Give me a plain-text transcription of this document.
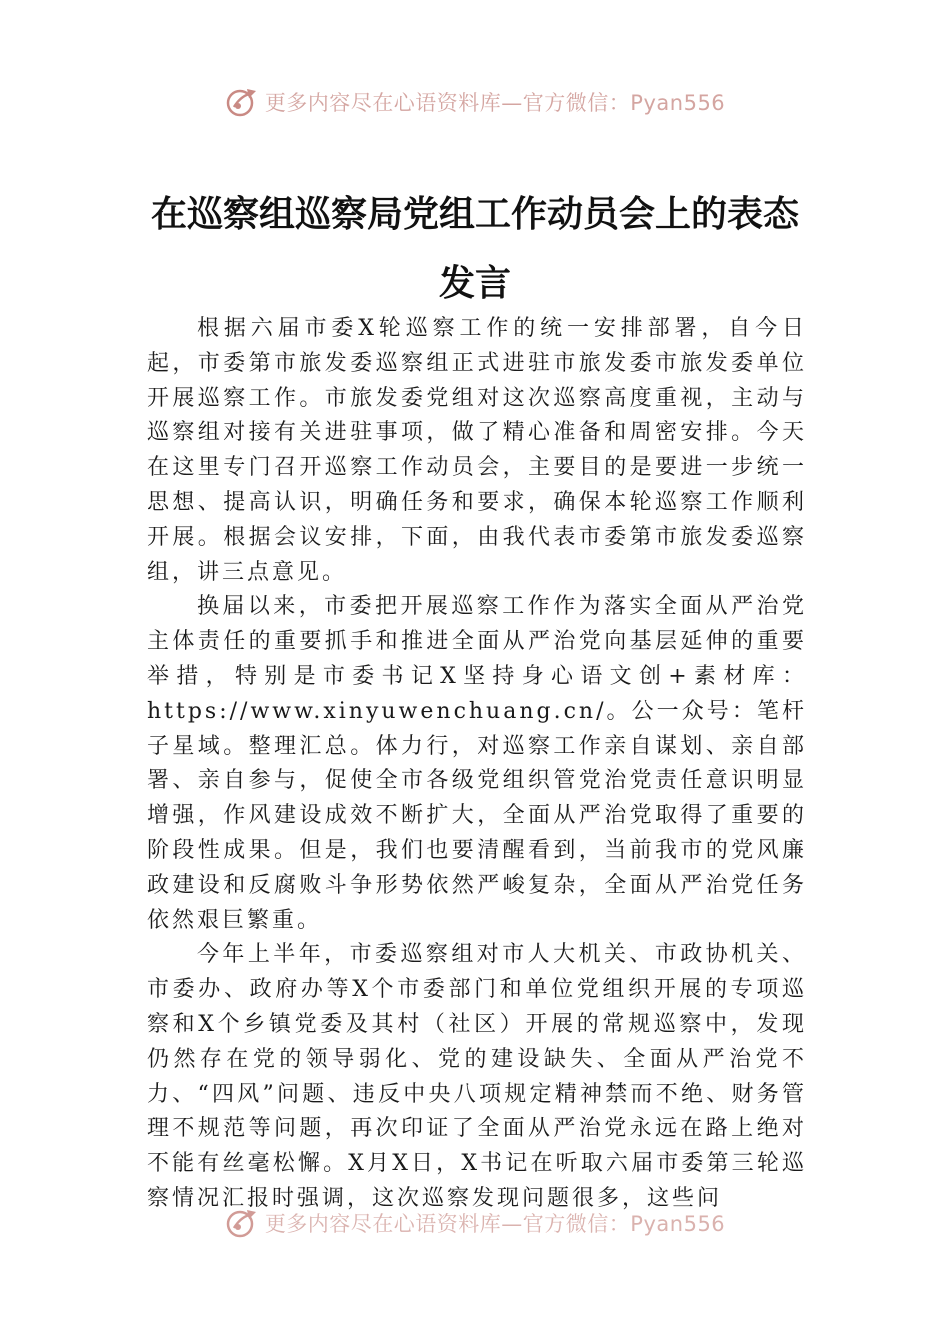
更多内容尽在心语资料库—官方微信：Pyan556
在巡察组巡察局党组工作动员会上的表态
发言

根据六届市委X轮巡察工作的统一安排部署，自今日起，市委第市旅发委巡察组正式进驻市旅发委市旅发委单位开展巡察工作。市旅发委党组对这次巡察高度重视，主动与巡察组对接有关进驻事项，做了精心准备和周密安排。今天在这里专门召开巡察工作动员会，主要目的是要进一步统一思想、提高认识，明确任务和要求，确保本轮巡察工作顺利开展。根据会议安排，下面，由我代表市委第市旅发委巡察组，讲三点意见。

换届以来，市委把开展巡察工作作为落实全面从严治党主体责任的重要抓手和推进全面从严治党向基层延伸的重要举措，特别是市委书记X坚持身心语文创+素材库：https://www.xinyuwenchuang.cn/。公一众号：笔杆子星域。整理汇总。体力行，对巡察工作亲自谋划、亲自部署、亲自参与，促使全市各级党组织管党治党责任意识明显增强，作风建设成效不断扩大，全面从严治党取得了重要的阶段性成果。但是，我们也要清醒看到，当前我市的党风廉政建设和反腐败斗争形势依然严峻复杂，全面从严治党任务依然艰巨繁重。

今年上半年，市委巡察组对市人大机关、市政协机关、市委办、政府办等X个市委部门和单位党组织开展的专项巡察和X个乡镇党委及其村（社区）开展的常规巡察中，发现仍然存在党的领导弱化、党的建设缺失、全面从严治党不力、“四风”问题、违反中央八项规定精神禁而不绝、财务管理不规范等问题，再次印证了全面从严治党永远在路上绝对不能有丝毫松懈。X月X日，X书记在听取六届市委第三轮巡察情况汇报时强调，这次巡察发现问题很多，这些问

更多内容尽在心语资料库—官方微信：Pyan556
